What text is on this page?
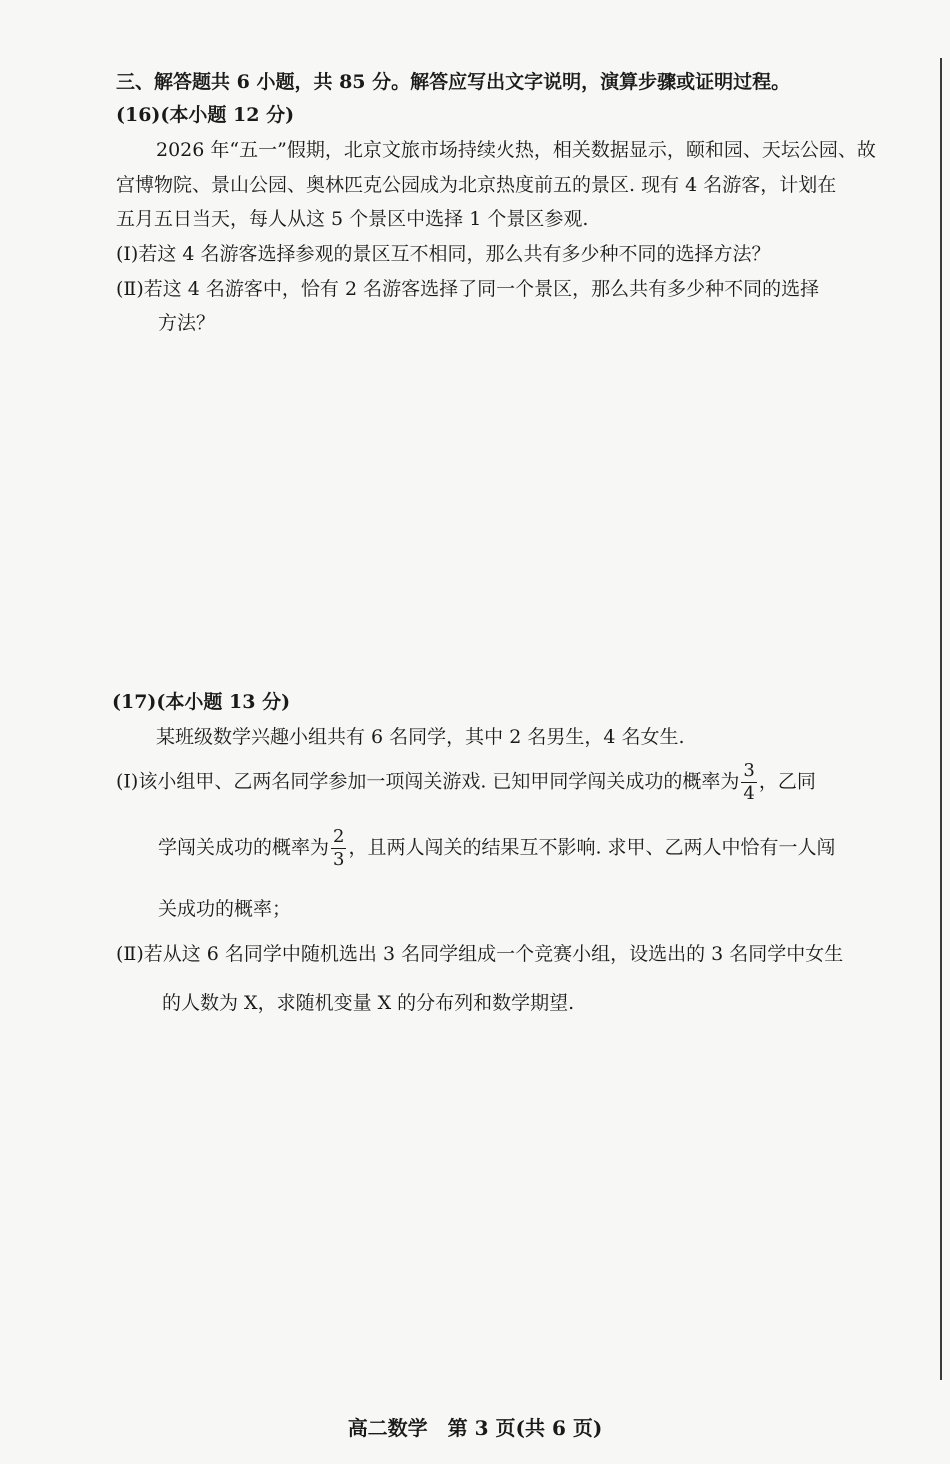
三、解答题共 6 小题，共 85 分。解答应写出文字说明，演算步骤或证明过程。
(16)(本小题 12 分)
2026 年“五一”假期，北京文旅市场持续火热，相关数据显示，颐和园、天坛公园、故
宫博物院、景山公园、奥林匹克公园成为北京热度前五的景区. 现有 4 名游客，计划在
五月五日当天，每人从这 5 个景区中选择 1 个景区参观.
(Ⅰ)若这 4 名游客选择参观的景区互不相同，那么共有多少种不同的选择方法？
(Ⅱ)若这 4 名游客中，恰有 2 名游客选择了同一个景区，那么共有多少种不同的选择
方法？
(17)(本小题 13 分)
某班级数学兴趣小组共有 6 名同学，其中 2 名男生，4 名女生.
(Ⅰ)该小组甲、乙两名同学参加一项闯关游戏. 已知甲同学闯关成功的概率为 $\frac{3}{4}$ ，乙同
学闯关成功的概率为 $\frac{2}{3}$ ，且两人闯关的结果互不影响. 求甲、乙两人中恰有一人闯
关成功的概率；
(Ⅱ)若从这 6 名同学中随机选出 3 名同学组成一个竞赛小组，设选出的 3 名同学中女生
的人数为 X，求随机变量 X 的分布列和数学期望.
高二数学　第 3 页(共 6 页)
